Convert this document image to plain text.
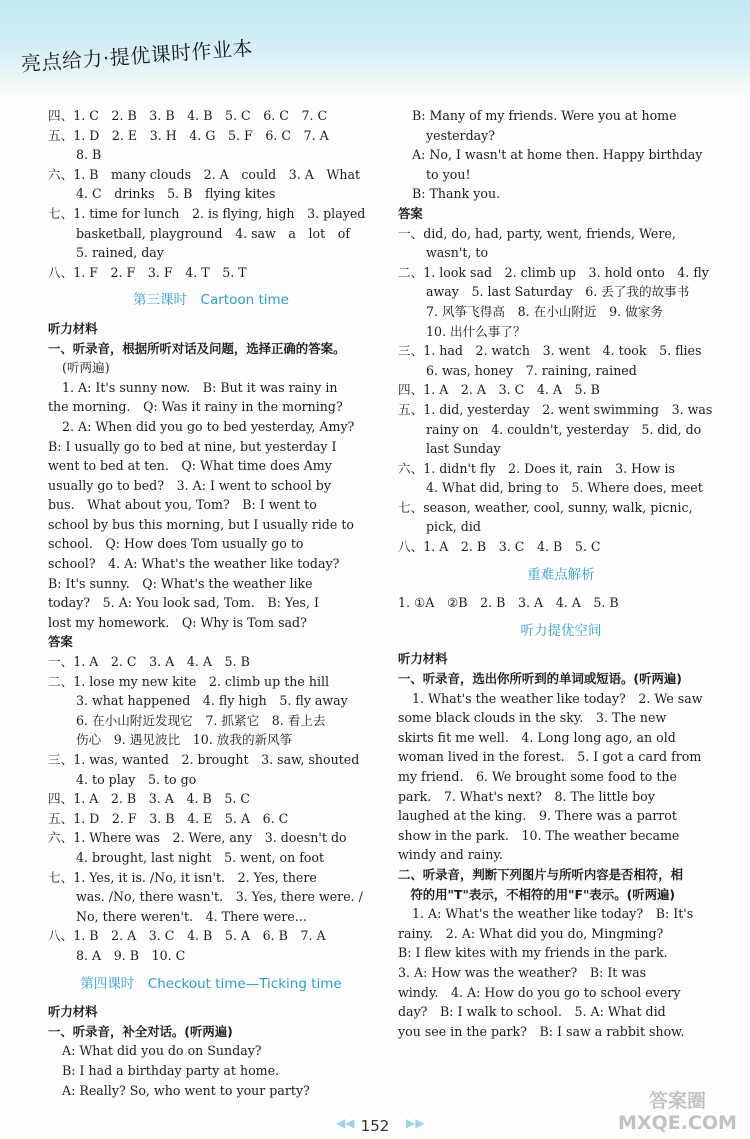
亮点给力·提优课时作业本
四、1. C　2. B　3. B　4. B　5. C　6. C　7. C
五、1. D　2. E　3. H　4. G　5. F　6. C　7. A
8. B
六、1. B　many clouds　2. A　could　3. A　What
4. C　drinks　5. B　flying kites
七、1. time for lunch　2. is flying, high　3. played
basketball, playground　4. saw　a　lot　of
5. rained, day
八、1. F　2. F　3. F　4. T　5. T
第三课时　Cartoon time
听力材料
一、听录音，根据所听对话及问题，选择正确的答案。
(听两遍)
1. A: It's sunny now.　B: But it was rainy in
the morning.　Q: Was it rainy in the morning?
2. A: When did you go to bed yesterday, Amy?
B: I usually go to bed at nine, but yesterday I
went to bed at ten.　Q: What time does Amy
usually go to bed?　3. A: I went to school by
bus.　What about you, Tom?　B: I went to
school by bus this morning, but I usually ride to
school.　Q: How does Tom usually go to
school?　4. A: What's the weather like today?
B: It's sunny.　Q: What's the weather like
today?　5. A: You look sad, Tom.　B: Yes, I
lost my homework.　Q: Why is Tom sad?
答案
一、1. A　2. C　3. A　4. A　5. B
二、1. lose my new kite　2. climb up the hill
3. what happened　4. fly high　5. fly away
6. 在小山附近发现它　7. 抓紧它　8. 看上去
伤心　9. 遇见波比　10. 放我的新风筝
三、1. was, wanted　2. brought　3. saw, shouted
4. to play　5. to go
四、1. A　2. B　3. A　4. B　5. C
五、1. D　2. F　3. B　4. E　5. A　6. C
六、1. Where was　2. Were, any　3. doesn't do
4. brought, last night　5. went, on foot
七、1. Yes, it is. /No, it isn't.　2. Yes, there
was. /No, there wasn't.　3. Yes, there were. /
No, there weren't.　4. There were...
八、1. B　2. A　3. C　4. B　5. A　6. B　7. A
8. A　9. B　10. C
第四课时　Checkout time—Ticking time
听力材料
一、听录音，补全对话。(听两遍)
A: What did you do on Sunday?
B: I had a birthday party at home.
A: Really? So, who went to your party?
B: Many of my friends. Were you at home
yesterday?
A: No, I wasn't at home then. Happy birthday
to you!
B: Thank you.
答案
一、did, do, had, party, went, friends, Were,
wasn't, to
二、1. look sad　2. climb up　3. hold onto　4. fly
away　5. last Saturday　6. 丢了我的故事书
7. 风筝飞得高　8. 在小山附近　9. 做家务
10. 出什么事了？
三、1. had　2. watch　3. went　4. took　5. flies
6. was, honey　7. raining, rained
四、1. A　2. A　3. C　4. A　5. B
五、1. did, yesterday　2. went swimming　3. was
rainy on　4. couldn't, yesterday　5. did, do
last Sunday
六、1. didn't fly　2. Does it, rain　3. How is
4. What did, bring to　5. Where does, meet
七、season, weather, cool, sunny, walk, picnic,
pick, did
八、1. A　2. B　3. C　4. B　5. C
重难点解析
1. ①A　②B　2. B　3. A　4. A　5. B
听力提优空间
听力材料
一、听录音，选出你所听到的单词或短语。(听两遍)
1. What's the weather like today?　2. We saw
some black clouds in the sky.　3. The new
skirts fit me well.　4. Long long ago, an old
woman lived in the forest.　5. I got a card from
my friend.　6. We brought some food to the
park.　7. What's next?　8. The little boy
laughed at the king.　9. There was a parrot
show in the park.　10. The weather became
windy and rainy.
二、听录音，判断下列图片与所听内容是否相符，相
　符的用"T"表示，不相符的用"F"表示。(听两遍)
1. A: What's the weather like today?　B: It's
rainy.　2. A: What did you do, Mingming?
B: I flew kites with my friends in the park.
3. A: How was the weather?　B: It was
windy.　4. A: How do you go to school every
day?　B: I walk to school.　5. A: What did
you see in the park?　B: I saw a rabbit show.
◀◀ 152	▶▶
答案圈
MXQE.COM
